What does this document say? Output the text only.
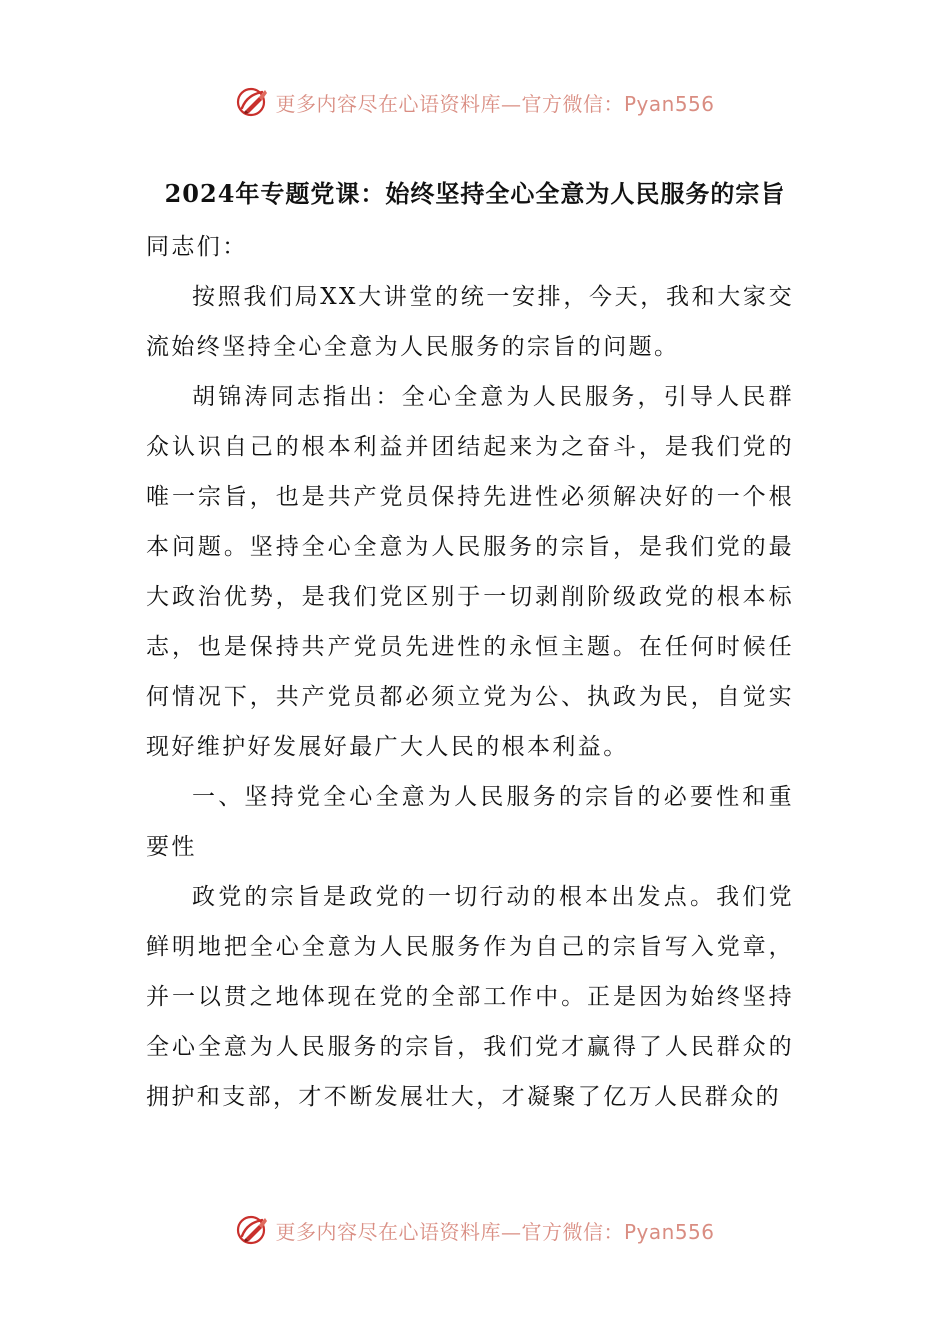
更多内容尽在心语资料库—官方微信：Pyan556
2024年专题党课：始终坚持全心全意为人民服务的宗旨

同志们：

按照我们局XX大讲堂的统一安排，今天，我和大家交流始终坚持全心全意为人民服务的宗旨的问题。

胡锦涛同志指出：全心全意为人民服务，引导人民群众认识自己的根本利益并团结起来为之奋斗，是我们党的唯一宗旨，也是共产党员保持先进性必须解决好的一个根本问题。坚持全心全意为人民服务的宗旨，是我们党的最大政治优势，是我们党区别于一切剥削阶级政党的根本标志，也是保持共产党员先进性的永恒主题。在任何时候任何情况下，共产党员都必须立党为公、执政为民，自觉实现好维护好发展好最广大人民的根本利益。

一、坚持党全心全意为人民服务的宗旨的必要性和重要性

政党的宗旨是政党的一切行动的根本出发点。我们党鲜明地把全心全意为人民服务作为自己的宗旨写入党章，并一以贯之地体现在党的全部工作中。正是因为始终坚持全心全意为人民服务的宗旨，我们党才赢得了人民群众的拥护和支部，才不断发展壮大，才凝聚了亿万人民群众的

更多内容尽在心语资料库—官方微信：Pyan556
